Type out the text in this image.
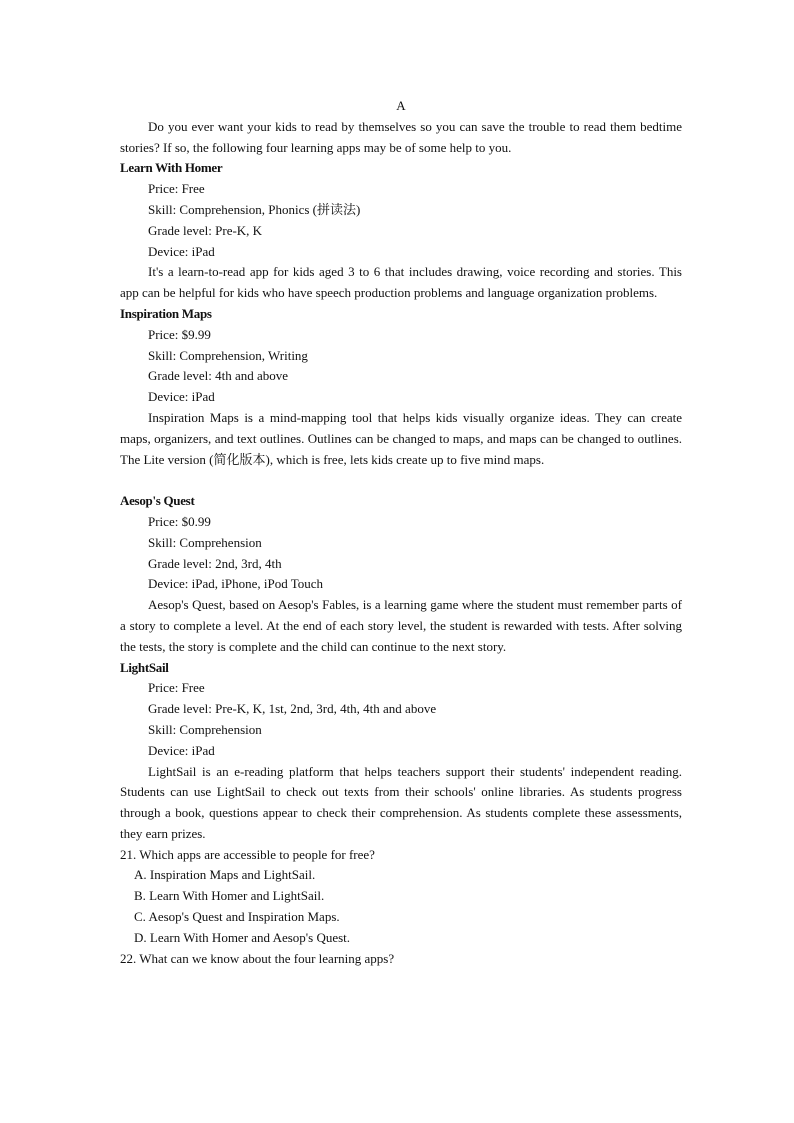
A

Do you ever want your kids to read by themselves so you can save the trouble to read them bedtime stories? If so, the following four learning apps may be of some help to you.

Learn With Homer

Price: Free

Skill: Comprehension, Phonics (拼读法)

Grade level: Pre-K, K

Device: iPad

It's a learn-to-read app for kids aged 3 to 6 that includes drawing, voice recording and stories. This app can be helpful for kids who have speech production problems and language organization problems.

Inspiration Maps

Price: $9.99

Skill: Comprehension, Writing

Grade level: 4th and above

Device: iPad

Inspiration Maps is a mind-mapping tool that helps kids visually organize ideas. They can create maps, organizers, and text outlines. Outlines can be changed to maps, and maps can be changed to outlines. The Lite version (简化版本), which is free, lets kids create up to five mind maps.

Aesop's Quest

Price: $0.99

Skill: Comprehension

Grade level: 2nd, 3rd, 4th

Device: iPad, iPhone, iPod Touch

Aesop's Quest, based on Aesop's Fables, is a learning game where the student must remember parts of a story to complete a level. At the end of each story level, the student is rewarded with tests. After solving the tests, the story is complete and the child can continue to the next story.

LightSail

Price: Free

Grade level: Pre-K, K, 1st, 2nd, 3rd, 4th, 4th and above

Skill: Comprehension

Device: iPad

LightSail is an e-reading platform that helps teachers support their students' independent reading. Students can use LightSail to check out texts from their schools' online libraries. As students progress through a book, questions appear to check their comprehension. As students complete these assessments, they earn prizes.

21. Which apps are accessible to people for free?

A. Inspiration Maps and LightSail.

B. Learn With Homer and LightSail.

C. Aesop's Quest and Inspiration Maps.

D. Learn With Homer and Aesop's Quest.

22. What can we know about the four learning apps?
